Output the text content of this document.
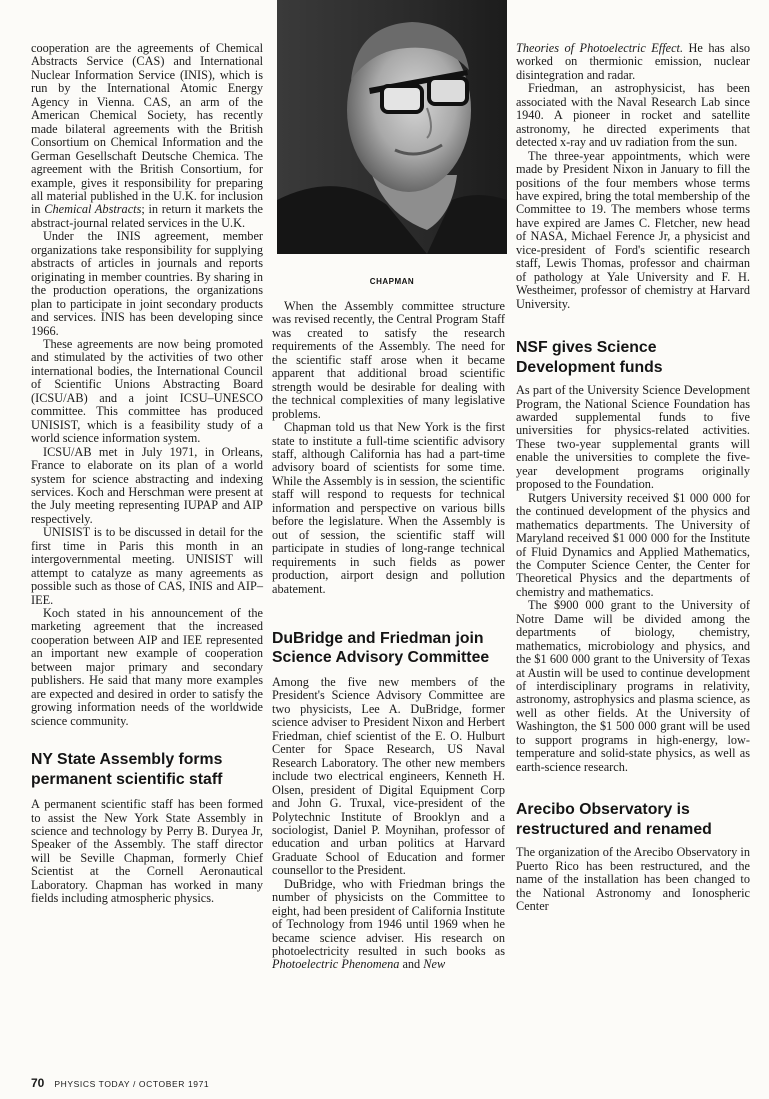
cooperation are the agreements of Chemical Abstracts Service (CAS) and International Nuclear Information Service (INIS), which is run by the International Atomic Energy Agency in Vienna. CAS, an arm of the American Chemical Society, has recently made bilateral agreements with the British Consortium on Chemical Information and the German Gesellschaft Deutsche Chemica. The agreement with the British Consortium, for example, gives it responsibility for preparing all material published in the U.K. for inclusion in Chemical Abstracts; in return it markets the abstract-journal related services in the U.K.

Under the INIS agreement, member organizations take responsibility for supplying abstracts of articles in journals and reports originating in member countries. By sharing in the production operations, the organizations plan to participate in joint secondary products and services. INIS has been developing since 1966.

These agreements are now being promoted and stimulated by the activities of two other international bodies, the International Council of Scientific Unions Abstracting Board (ICSU/AB) and a joint ICSU–UNESCO committee. This committee has produced UNISIST, which is a feasibility study of a world science information system.

ICSU/AB met in July 1971, in Orleans, France to elaborate on its plan of a world system for science abstracting and indexing services. Koch and Herschman were present at the July meeting representing IUPAP and AIP respectively.

UNISIST is to be discussed in detail for the first time in Paris this month in an intergovernmental meeting. UNISIST will attempt to catalyze as many agreements as possible such as those of CAS, INIS and AIP–IEE.

Koch stated in his announcement of the marketing agreement that the increased cooperation between AIP and IEE represented an important new example of cooperation between major primary and secondary publishers. He said that many more examples are expected and desired in order to satisfy the growing information needs of the worldwide science community.

NY State Assembly forms permanent scientific staff

A permanent scientific staff has been formed to assist the New York State Assembly in science and technology by Perry B. Duryea Jr, Speaker of the Assembly. The staff director will be Seville Chapman, formerly Chief Scientist at the Cornell Aeronautical Laboratory. Chapman has worked in many fields including atmospheric physics.

CHAPMAN

When the Assembly committee structure was revised recently, the Central Program Staff was created to satisfy the research requirements of the Assembly. The need for the scientific staff arose when it became apparent that additional broad scientific strength would be desirable for dealing with the technical complexities of many legislative problems.

Chapman told us that New York is the first state to institute a full-time scientific advisory staff, although California has had a part-time advisory board of scientists for some time. While the Assembly is in session, the scientific staff will respond to requests for technical information and perspective on various bills before the legislature. When the Assembly is out of session, the scientific staff will participate in studies of long-range technical requirements in such fields as power production, airport design and pollution abatement.

DuBridge and Friedman join Science Advisory Committee

Among the five new members of the President's Science Advisory Committee are two physicists, Lee A. DuBridge, former science adviser to President Nixon and Herbert Friedman, chief scientist of the E. O. Hulburt Center for Space Research, US Naval Research Laboratory. The other new members include two electrical engineers, Kenneth H. Olsen, president of Digital Equipment Corp and John G. Truxal, vice-president of the Polytechnic Institute of Brooklyn and a sociologist, Daniel P. Moynihan, professor of education and urban politics at Harvard Graduate School of Education and former counsellor to the President.

DuBridge, who with Friedman brings the number of physicists on the Committee to eight, had been president of California Institute of Technology from 1946 until 1969 when he became science adviser. His research on photoelectricity resulted in such books as Photoelectric Phenomena and New

Theories of Photoelectric Effect. He has also worked on thermionic emission, nuclear disintegration and radar.

Friedman, an astrophysicist, has been associated with the Naval Research Lab since 1940. A pioneer in rocket and satellite astronomy, he directed experiments that detected x-ray and uv radiation from the sun.

The three-year appointments, which were made by President Nixon in January to fill the positions of the four members whose terms have expired, bring the total membership of the Committee to 19. The members whose terms have expired are James C. Fletcher, new head of NASA, Michael Ference Jr, a physicist and vice-president of Ford's scientific research staff, Lewis Thomas, professor and chairman of pathology at Yale University and F. H. Westheimer, professor of chemistry at Harvard University.

NSF gives Science Development funds

As part of the University Science Development Program, the National Science Foundation has awarded supplemental funds to five universities for physics-related activities. These two-year supplemental grants will enable the universities to complete the five-year development programs originally proposed to the Foundation.

Rutgers University received $1 000 000 for the continued development of the physics and mathematics departments. The University of Maryland received $1 000 000 for the Institute of Fluid Dynamics and Applied Mathematics, the Computer Science Center, the Center for Theoretical Physics and the departments of chemistry and mathematics.

The $900 000 grant to the University of Notre Dame will be divided among the departments of biology, chemistry, mathematics, microbiology and physics, and the $1 600 000 grant to the University of Texas at Austin will be used to continue development of interdisciplinary programs in relativity, astronomy, astrophysics and plasma science, as well as other fields. At the University of Washington, the $1 500 000 grant will be used to support programs in high-energy, low-temperature and solid-state physics, as well as earth-science research.

Arecibo Observatory is restructured and renamed

The organization of the Arecibo Observatory in Puerto Rico has been restructured, and the name of the installation has been changed to the National Astronomy and Ionospheric Center

70 PHYSICS TODAY / OCTOBER 1971
